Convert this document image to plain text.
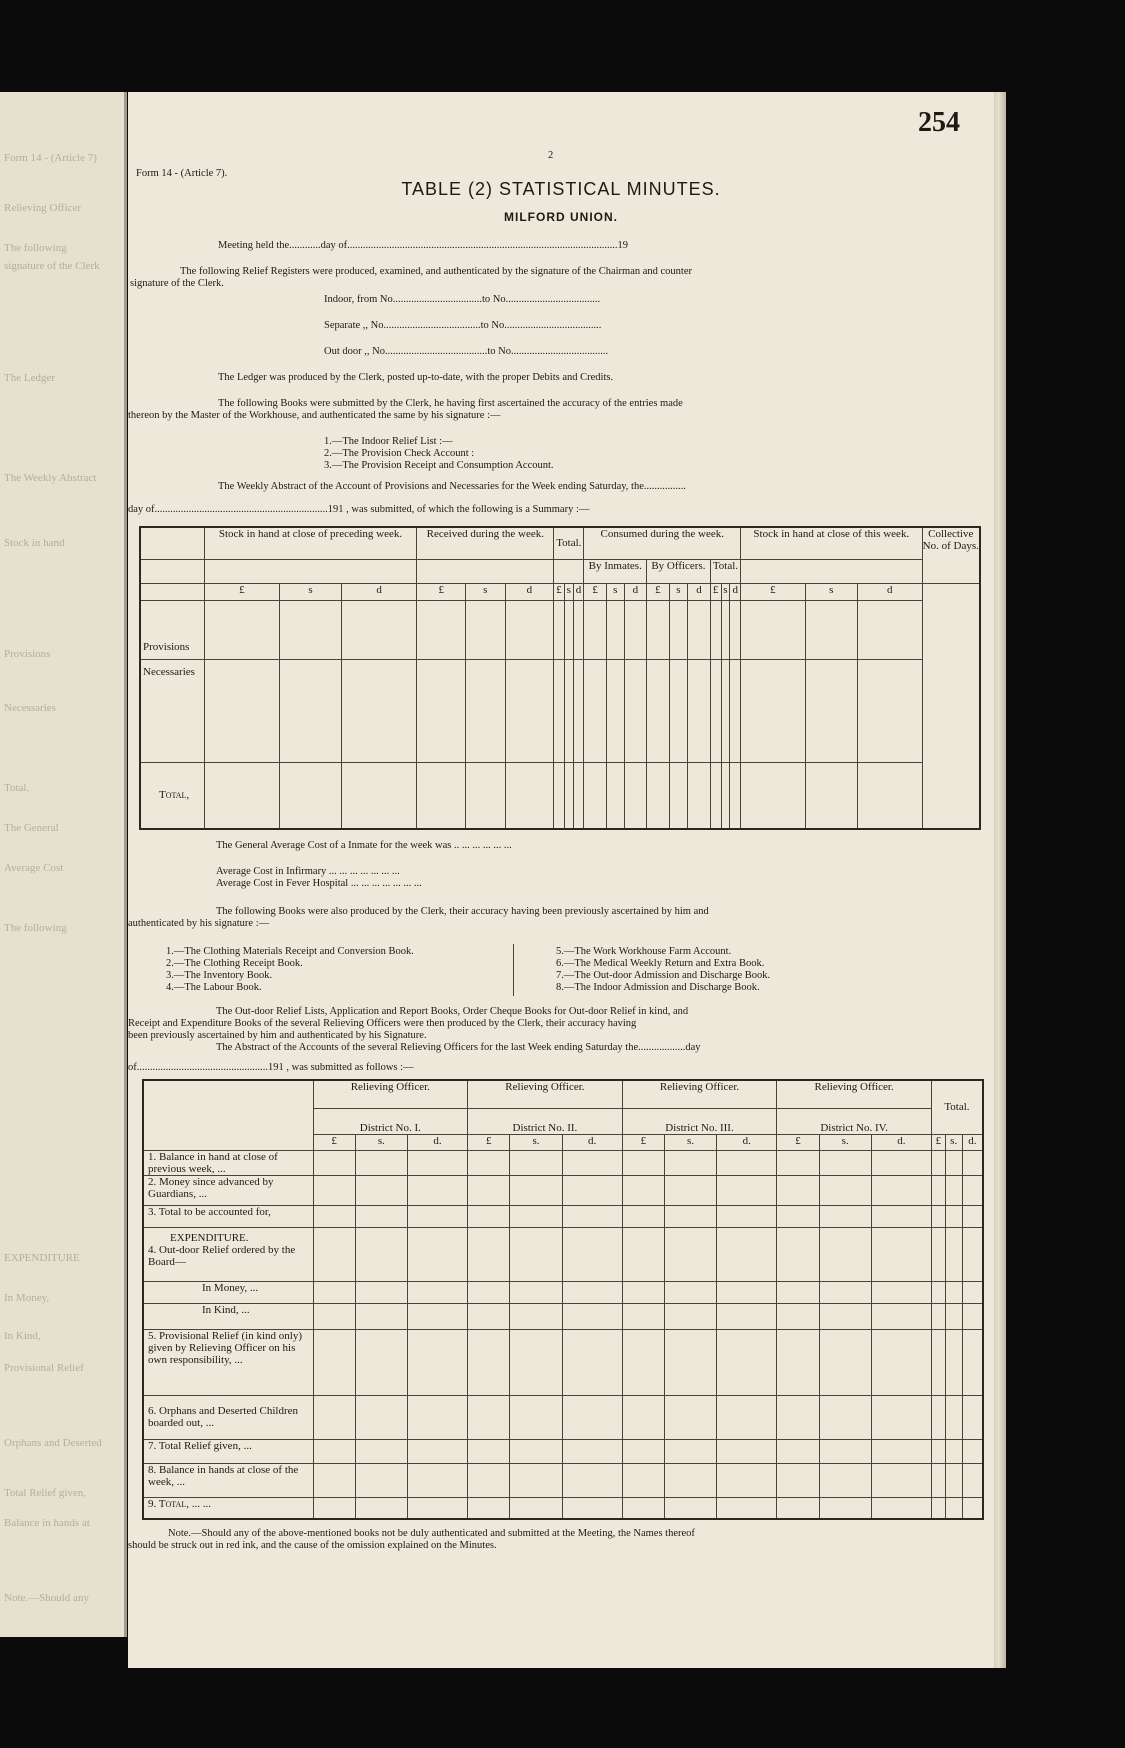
Form 14 - (Article 7)
Relieving Officer
The following
signature of the Clerk
The Ledger
The Weekly Abstract
Stock in hand
Provisions
Necessaries
Total,
The General
Average Cost
The following
EXPENDITURE
In Money,
In Kind,
Provisional Relief
Orphans and Deserted
Total Relief given,
Balance in hands at
Note.—Should any
254
Form 14 - (Article 7).
2
TABLE (2) STATISTICAL MINUTES.
MILFORD UNION.
Meeting held the............day of.......................................................................................................19
The following Relief Registers were produced, examined, and authenticated by the signature of the Chairman and counter
signature of the Clerk.
Indoor, from No..................................to No....................................
Separate ,, No.....................................to No.....................................
Out door ,, No.......................................to No.....................................
The Ledger was produced by the Clerk, posted up-to-date, with the proper Debits and Credits.
The following Books were submitted by the Clerk, he having first ascertained the accuracy of the entries made
thereon by the Master of the Workhouse, and authenticated the same by his signature :—
1.—The Indoor Relief List :—
2.—The Provision Check Account :
3.—The Provision Receipt and Consumption Account.
The Weekly Abstract of the Account of Provisions and Necessaries for the Week ending Saturday, the................
day of..................................................................191 , was submitted, of which the following is a Summary :—
	Stock in hand at close of preceding week.			Received during the week.			Total.			Consumed during the week.									Stock in hand at close of this week.			Collective No. of Days.
										By Inmates.			By Officers.			Total.						
	£	s	d	£	s	d	£	s	d	£	s	d	£	s	d	£	s	d	£	s	d	
Provisions																						
Necessaries																						
Total,																						
The General Average Cost of a Inmate for the week was .. ... ... ... ... ...
Average Cost in Infirmary ... ... ... ... ... ... ...
Average Cost in Fever Hospital ... ... ... ... ... ... ...
The following Books were also produced by the Clerk, their accuracy having been previously ascertained by him and
authenticated by his signature :—
1.—The Clothing Materials Receipt and Conversion Book.
2.—The Clothing Receipt Book.
3.—The Inventory Book.
4.—The Labour Book.
5.—The Work Workhouse Farm Account.
6.—The Medical Weekly Return and Extra Book.
7.—The Out-door Admission and Discharge Book.
8.—The Indoor Admission and Discharge Book.
The Out-door Relief Lists, Application and Report Books, Order Cheque Books for Out-door Relief in kind, and
Receipt and Expenditure Books of the several Relieving Officers were then produced by the Clerk, their accuracy having
been previously ascertained by him and authenticated by his Signature.
The Abstract of the Accounts of the several Relieving Officers for the last Week ending Saturday the..................day
of..................................................191 , was submitted as follows :—
	Relieving Officer.			Relieving Officer.			Relieving Officer.			Relieving Officer.			Total.		
	District No. I.			District No. II.			District No. III.			District No. IV.					
	£	s.	d.	£	s.	d.	£	s.	d.	£	s.	d.	£	s.	d.
1. Balance in hand at close of previous week, ...															
2. Money since advanced by Guardians, ...															
3. Total to be accounted for,															

EXPENDITURE.
4. Out-door Relief ordered by the Board—															

In Money, ...															
In Kind, ...															
5. Provisional Relief (in kind only) given by Relieving Officer on his own responsibility, ...															
6. Orphans and Deserted Children boarded out, ...															
7. Total Relief given, ...															
8. Balance in hands at close of the week, ...															
9. Total, ... ...															
Note.—Should any of the above-mentioned books not be duly authenticated and submitted at the Meeting, the Names thereof
should be struck out in red ink, and the cause of the omission explained on the Minutes.
